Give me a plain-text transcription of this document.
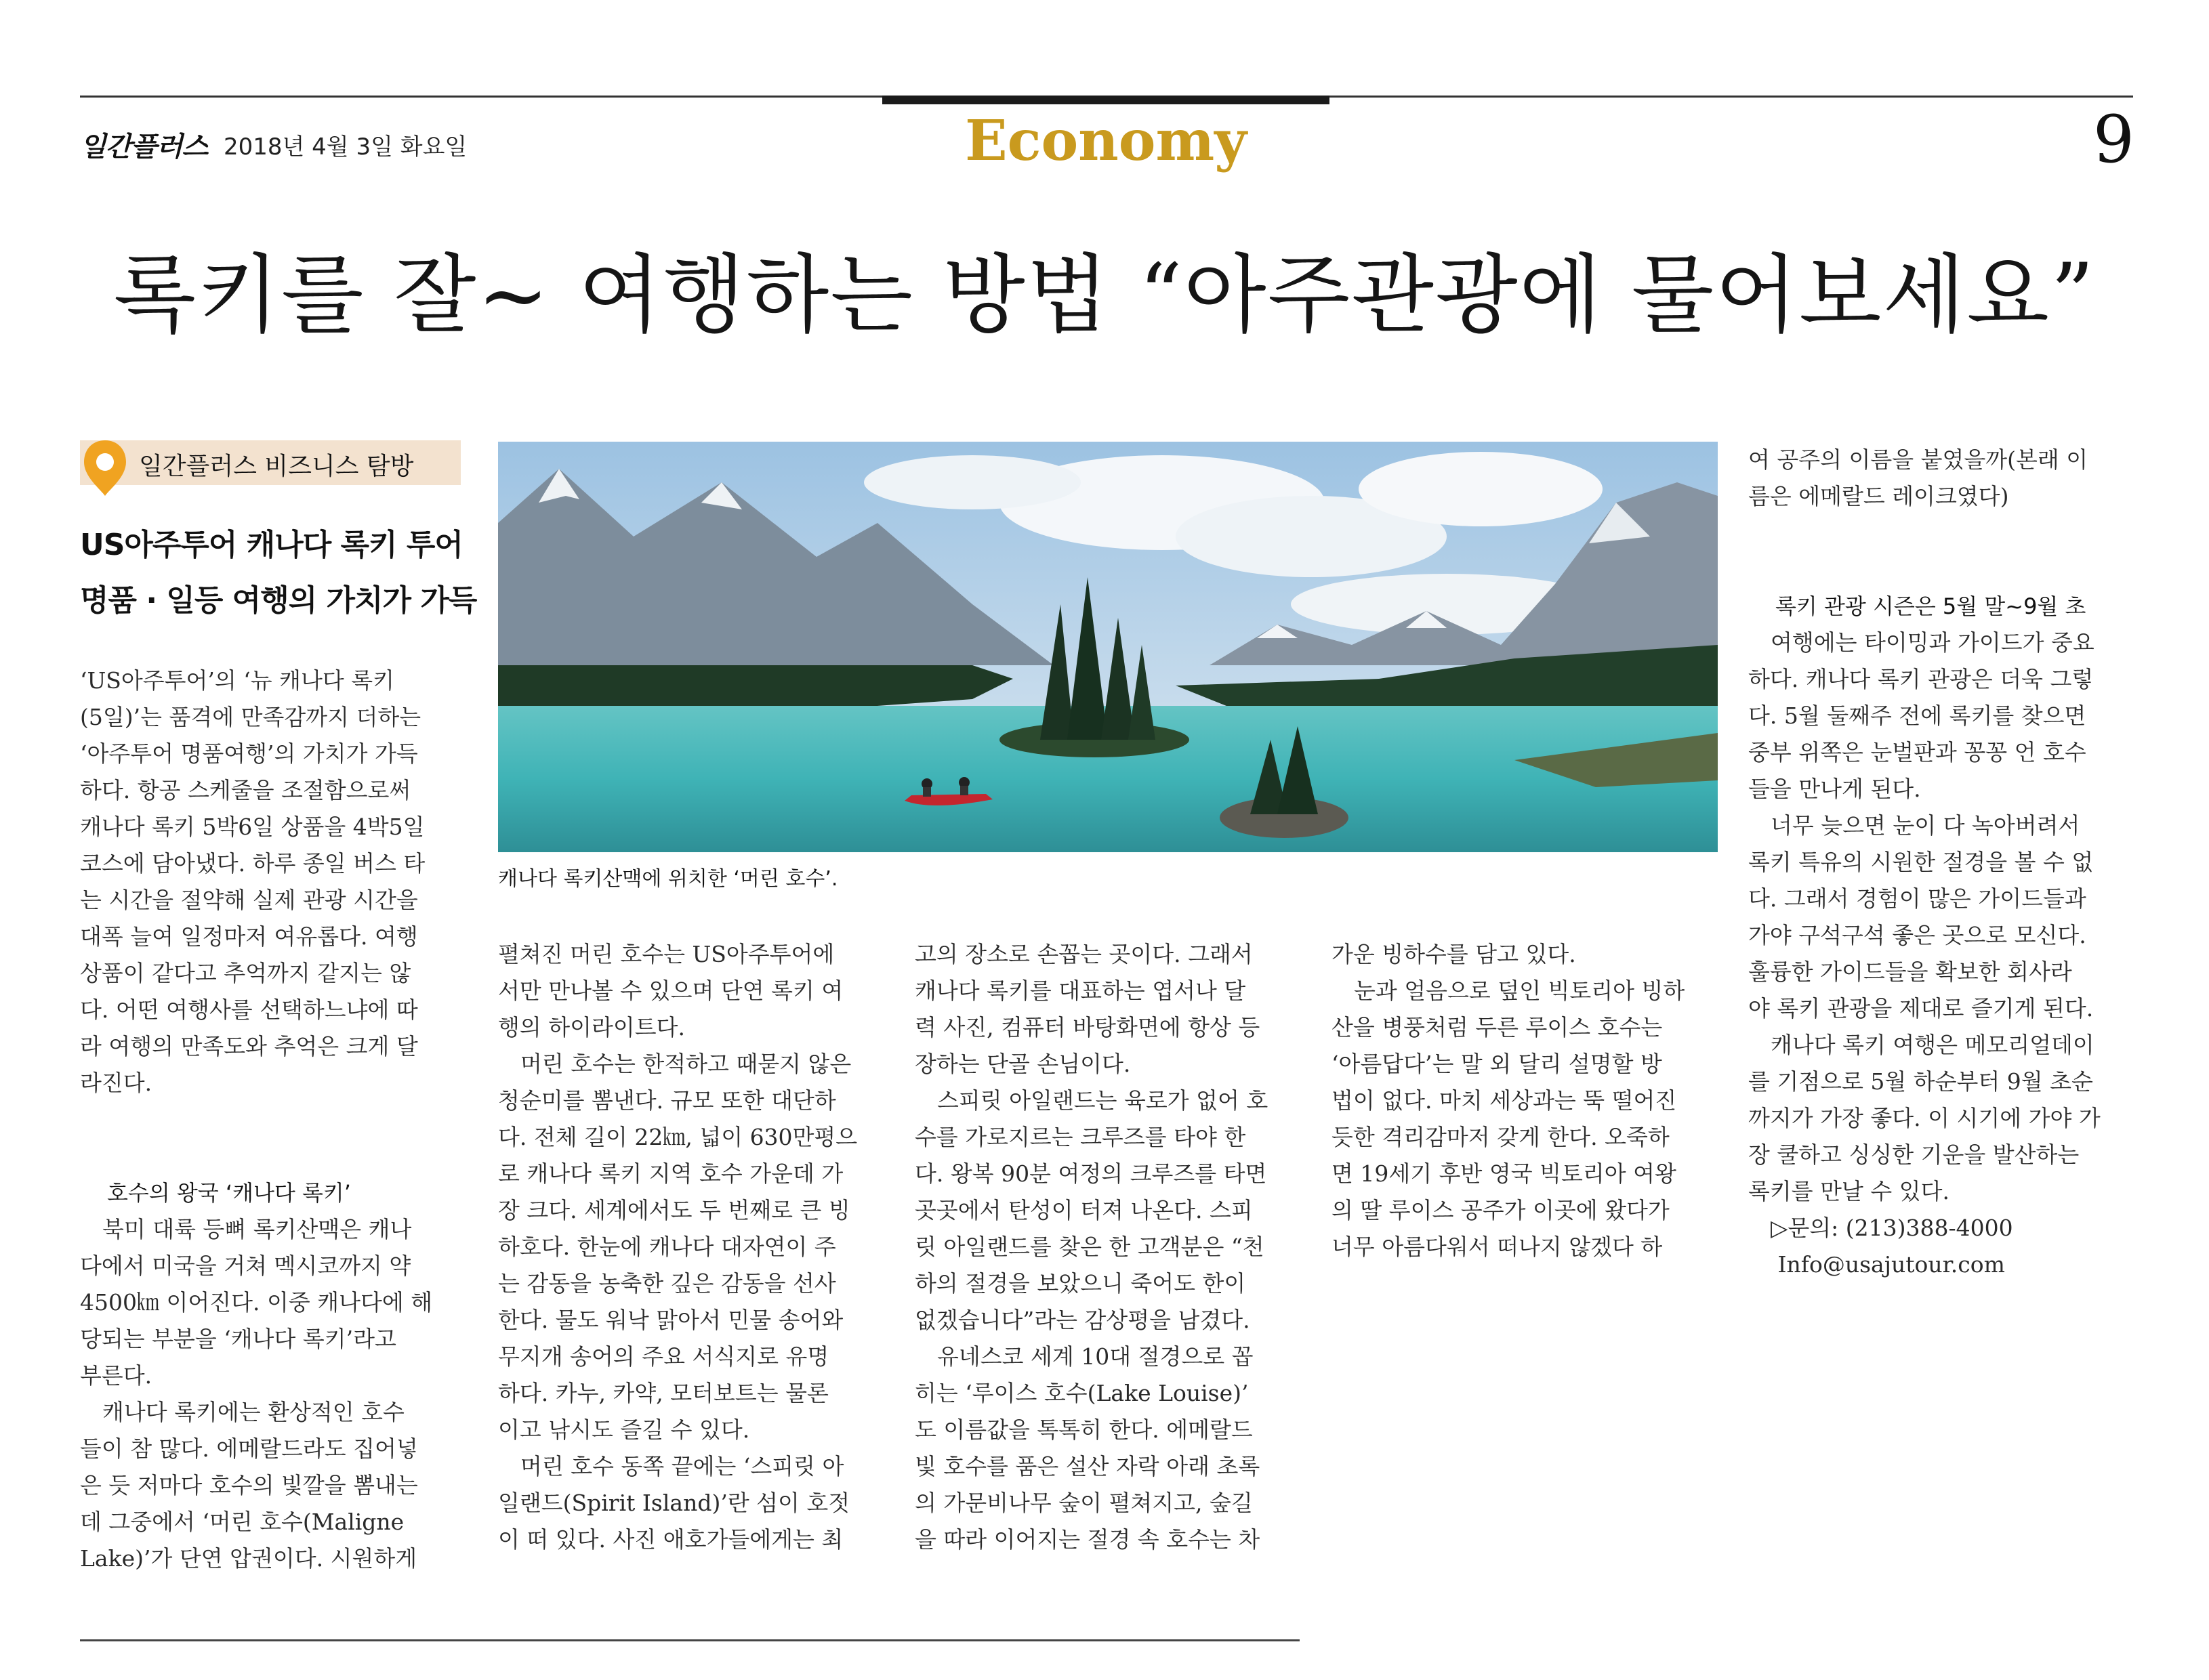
일간플러스 2018년 4월 3일 화요일	Economy	9
록키를 잘~ 여행하는 방법 “아주관광에 물어보세요”
일간플러스 비즈니스 탐방
US아주투어 캐나다 록키 투어
명품 · 일등 여행의 가치가 가득
캐나다 록키산맥에 위치한 ‘머린 호수’.
‘US아주투어’의 ‘뉴 캐나다 록키
(5일)’는 품격에 만족감까지 더하는
‘아주투어 명품여행’의 가치가 가득
하다. 항공 스케줄을 조절함으로써
캐나다 록키 5박6일 상품을 4박5일
코스에 담아냈다. 하루 종일 버스 타
는 시간을 절약해 실제 관광 시간을
대폭 늘여 일정마저 여유롭다. 여행
상품이 같다고 추억까지 같지는 않
다. 어떤 여행사를 선택하느냐에 따
라 여행의 만족도와 추억은 크게 달
라진다.
호수의 왕국 ‘캐나다 록키’
　북미 대륙 등뼈 록키산맥은 캐나
다에서 미국을 거쳐 멕시코까지 약
4500㎞ 이어진다. 이중 캐나다에 해
당되는 부분을 ‘캐나다 록키’라고
부른다.
　캐나다 록키에는 환상적인 호수
들이 참 많다. 에메랄드라도 집어넣
은 듯 저마다 호수의 빛깔을 뽐내는
데 그중에서 ‘머린 호수(Maligne
Lake)’가 단연 압권이다. 시원하게
펼쳐진 머린 호수는 US아주투어에
서만 만나볼 수 있으며 단연 록키 여
행의 하이라이트다.
　머린 호수는 한적하고 때묻지 않은
청순미를 뽐낸다. 규모 또한 대단하
다. 전체 길이 22㎞, 넓이 630만평으
로 캐나다 록키 지역 호수 가운데 가
장 크다. 세계에서도 두 번째로 큰 빙
하호다. 한눈에 캐나다 대자연이 주
는 감동을 농축한 깊은 감동을 선사
한다. 물도 워낙 맑아서 민물 송어와
무지개 송어의 주요 서식지로 유명
하다. 카누, 카약, 모터보트는 물론
이고 낚시도 즐길 수 있다.
　머린 호수 동쪽 끝에는 ‘스피릿 아
일랜드(Spirit Island)’란 섬이 호젓
이 떠 있다. 사진 애호가들에게는 최
고의 장소로 손꼽는 곳이다. 그래서
캐나다 록키를 대표하는 엽서나 달
력 사진, 컴퓨터 바탕화면에 항상 등
장하는 단골 손님이다.
　스피릿 아일랜드는 육로가 없어 호
수를 가로지르는 크루즈를 타야 한
다. 왕복 90분 여정의 크루즈를 타면
곳곳에서 탄성이 터져 나온다. 스피
릿 아일랜드를 찾은 한 고객분은 “천
하의 절경을 보았으니 죽어도 한이
없겠습니다”라는 감상평을 남겼다.
　유네스코 세계 10대 절경으로 꼽
히는 ‘루이스 호수(Lake Louise)’
도 이름값을 톡톡히 한다. 에메랄드
빛 호수를 품은 설산 자락 아래 초록
의 가문비나무 숲이 펼쳐지고, 숲길
을 따라 이어지는 절경 속 호수는 차
가운 빙하수를 담고 있다.
　눈과 얼음으로 덮인 빅토리아 빙하
산을 병풍처럼 두른 루이스 호수는
‘아름답다’는 말 외 달리 설명할 방
법이 없다. 마치 세상과는 뚝 떨어진
듯한 격리감마저 갖게 한다. 오죽하
면 19세기 후반 영국 빅토리아 여왕
의 딸 루이스 공주가 이곳에 왔다가
너무 아름다워서 떠나지 않겠다 하
여 공주의 이름을 붙였을까(본래 이
름은 에메랄드 레이크였다)
록키 관광 시즌은 5월 말~9월 초
　여행에는 타이밍과 가이드가 중요
하다. 캐나다 록키 관광은 더욱 그렇
다. 5월 둘째주 전에 록키를 찾으면
중부 위쪽은 눈벌판과 꽁꽁 언 호수
들을 만나게 된다.
　너무 늦으면 눈이 다 녹아버려서
록키 특유의 시원한 절경을 볼 수 없
다. 그래서 경험이 많은 가이드들과
가야 구석구석 좋은 곳으로 모신다.
훌륭한 가이드들을 확보한 회사라
야 록키 관광을 제대로 즐기게 된다.
　캐나다 록키 여행은 메모리얼데이
를 기점으로 5월 하순부터 9월 초순
까지가 가장 좋다. 이 시기에 가야 가
장 쿨하고 싱싱한 기운을 발산하는
록키를 만날 수 있다.
　▷문의: (213)388-4000
　 Info@usajutour.com
